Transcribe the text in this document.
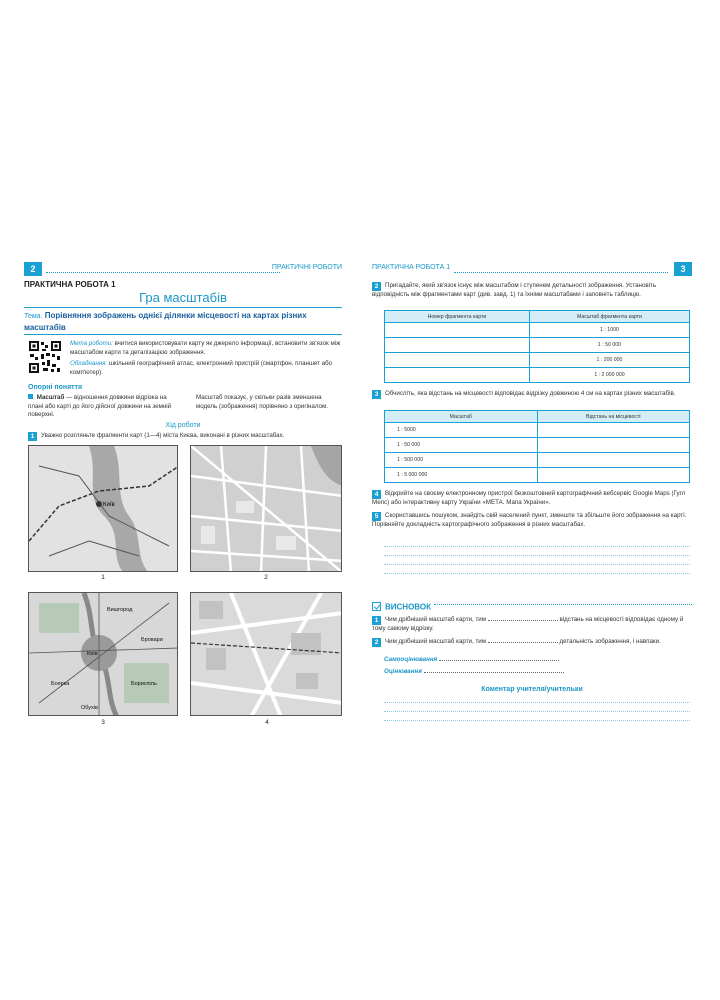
2	ПРАКТИЧНІ РОБОТИ
ПРАКТИЧНА РОБОТА 1
Гра масштабів
Тема. Порівняння зображень однієї ділянки місцевості на картах різних масштабів
Мета роботи: вчитися використовувати карту як джерело інформації, встановити зв'язок між масштабом карти та деталізацією зображення.
Обладнання: шкільний географічний атлас, електронний пристрій (смартфон, планшет або комп'ютер).
Опорні поняття
Масштаб — відношення довжини відрізка на плані або карті до його дійсної довжини на земній поверхні.
Масштаб показує, у скільки разів зменшена модель (зображення) порівняно з оригіналом.
Хід роботи
1 Уважно розгляньте фрагменти карт (1—4) міста Києва, виконані в різних масштабах.
Київ
1	2
Вишгород
Бровари
Київ
Бориспіль
Боярка
Обухів
3	4
ПРАКТИЧНА РОБОТА 1	3
2 Пригадайте, який зв'язок існує між масштабом і ступенем детальності зображення. Установіть відповідність між фрагментами карт (див. завд. 1) та їхніми масштабами і заповніть таблицю.
Номер фрагмента карти	Масштаб фрагмента карти
	1 : 1000
	1 : 50 000
	1 : 200 000
	1 : 2 000 000
3 Обчисліть, яка відстань на місцевості відповідає відрізку довжиною 4 см на картах різних масштабів.
Масштаб	Відстань на місцевості
1 : 5000	
1 : 50 000	
1 : 500 000	
1 : 5 000 000	
4 Відкрийте на своєму електронному пристрої безкоштовний картографічний вебсервіс Google Maps (Гугл Мепс) або інтерактивну карту України «МЕТА. Мапа України».
5 Скориставшись пошуком, знайдіть свій населений пункт, зменште та збільште його зображення на карті. Порівняйте докладність картографічного зображення в різних масштабах.
ВИСНОВОК
1 Чим дрібніший масштаб карти, тим	відстань на місцевості відповідає одному й тому самому відрізку.
2 Чим дрібніший масштаб карти, тим	детальність зображення, і навпаки.
Самооцінювання
Оцінювання
Коментар учителя/учительки
